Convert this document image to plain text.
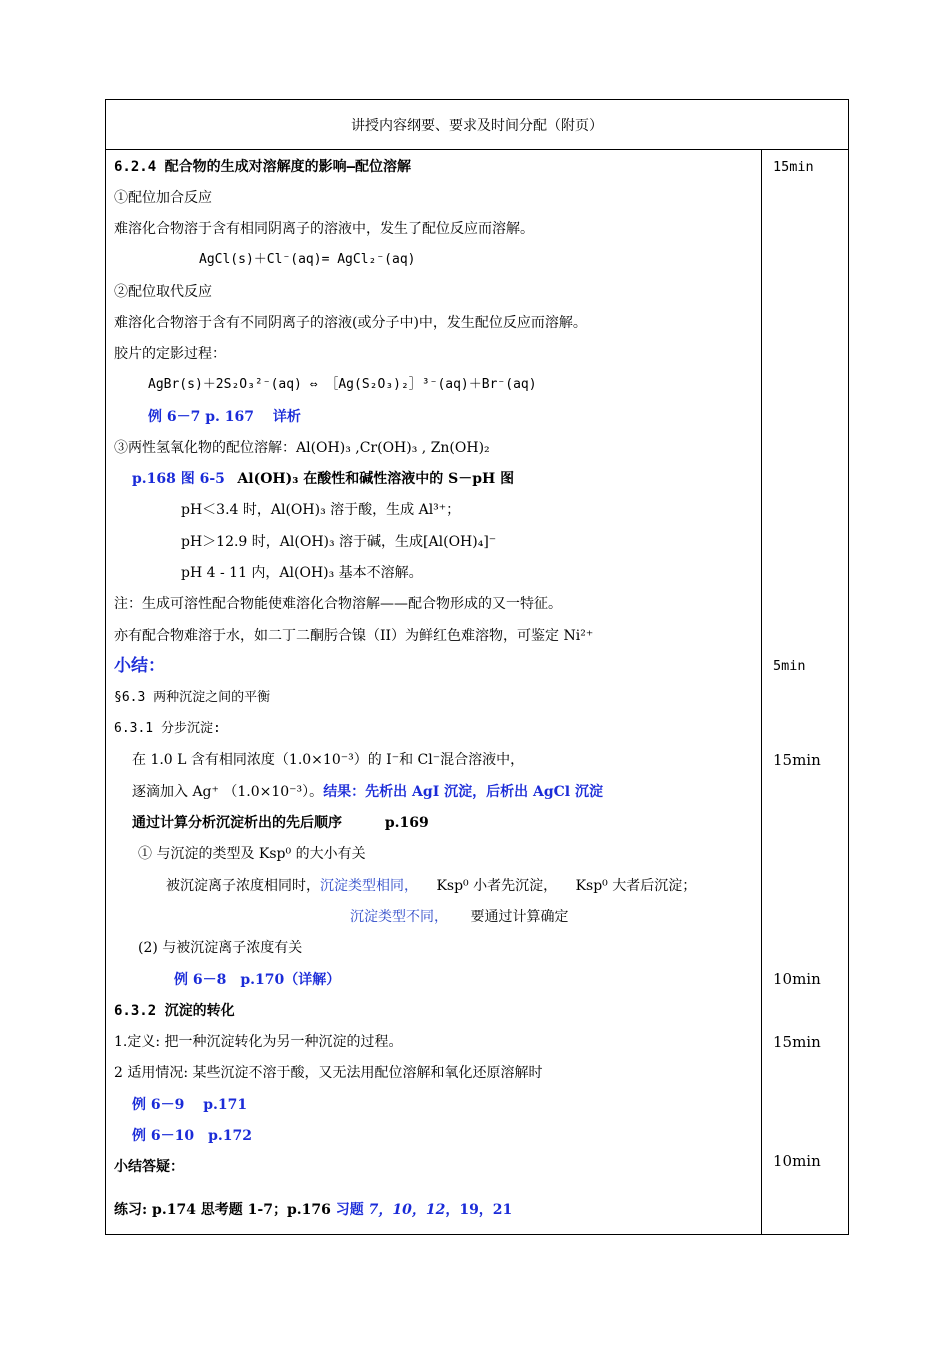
讲授内容纲要、要求及时间分配（附页）
6.2.4 配合物的生成对溶解度的影响—配位溶解
①配位加合反应
难溶化合物溶于含有相同阴离子的溶液中，发生了配位反应而溶解。
AgCl(s)＋Cl⁻(aq)= AgCl₂⁻(aq)
②配位取代反应
难溶化合物溶于含有不同阴离子的溶液(或分子中)中，发生配位反应而溶解。
胶片的定影过程：
AgBr(s)＋2S₂O₃²⁻(aq) ⇔ ［Ag(S₂O₃)₂］³⁻(aq)＋Br⁻(aq)
例 6－7 p. 167　 详析
③两性氢氧化物的配位溶解：Al(OH)₃ ,Cr(OH)₃ , Zn(OH)₂
p.168 图 6-5 Al(OH)₃ 在酸性和碱性溶液中的 S－pH 图
pH＜3.4 时，Al(OH)₃ 溶于酸，生成 Al³⁺；
pH＞12.9 时，Al(OH)₃ 溶于碱，生成[Al(OH)₄]⁻
pH 4 - 11 内，Al(OH)₃ 基本不溶解。
注：生成可溶性配合物能使难溶化合物溶解——配合物形成的又一特征。
亦有配合物难溶于水，如二丁二酮肟合镍（II）为鲜红色难溶物，可鉴定 Ni²⁺
小结：
§6.3 两种沉淀之间的平衡
6.3.1 分步沉淀:
在 1.0 L 含有相同浓度（1.0×10⁻³）的 I⁻和 Cl⁻混合溶液中，
逐滴加入 Ag⁺ （1.0×10⁻³）。结果：先析出 AgI 沉淀，后析出 AgCl 沉淀
通过计算分析沉淀析出的先后顺序	p.169
① 与沉淀的类型及 Ksp⁰ 的大小有关
被沉淀离子浓度相同时，沉淀类型相同， Ksp⁰ 小者先沉淀， Ksp⁰ 大者后沉淀；
沉淀类型不同， 要通过计算确定
(2) 与被沉淀离子浓度有关
例 6－8　p.170（详解）
6.3.2 沉淀的转化
1.定义: 把一种沉淀转化为另一种沉淀的过程。
2 适用情况: 某些沉淀不溶于酸，又无法用配位溶解和氧化还原溶解时
例 6－9　 p.171
例 6－10　p.172
小结答疑：
练习: p.174 思考题 1-7；p.176 习题 7，10，12，19，21
15min
5min
15min
10min
15min
10min
